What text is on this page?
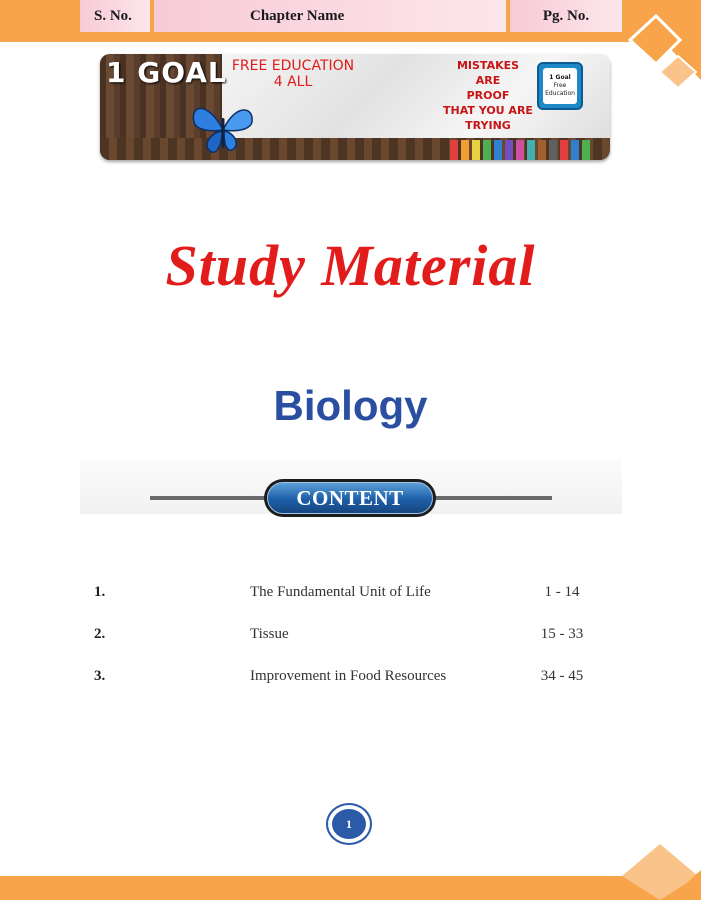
1 GOAL FREE EDUCATION
4 ALL
MISTAKES
ARE
PROOF
THAT YOU ARE
TRYING
1 Goal
Free
Education
Study Material
Biology
CONTENT
S. No.	Chapter Name	Pg. No.
1.	The Fundamental Unit of Life	1 - 14
2.	Tissue	15 - 33
3.	Improvement in Food Resources	34 - 45
1
